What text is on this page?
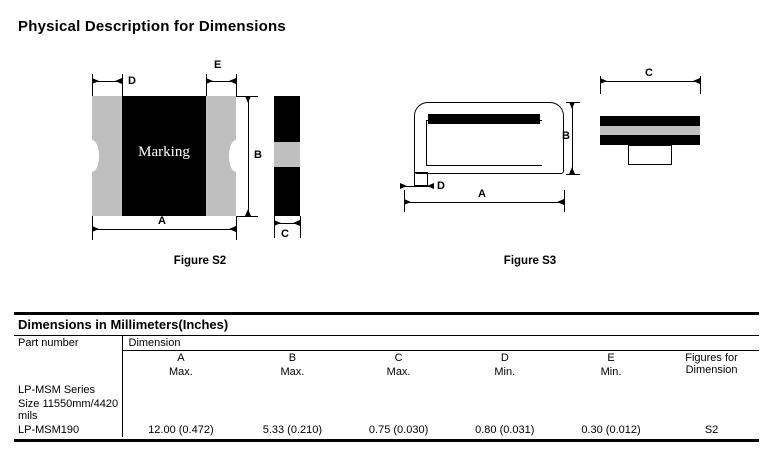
Physical Description for Dimensions
Marking
D
E
B
A
C
Figure S2
B
D
A
C
Figure S3
Dimensions in Millimeters(Inches)
Part number	Dimension					

	A	B	C	D	E	Figures for
Dimension
	Max.	Max.	Max.	Min.	Min.	

LP-MSM Series						
Size 11550mm/4420 mils						
LP-MSM190	12.00 (0.472)	5.33 (0.210)	0.75 (0.030)	0.80 (0.031)	0.30 (0.012)	S2
